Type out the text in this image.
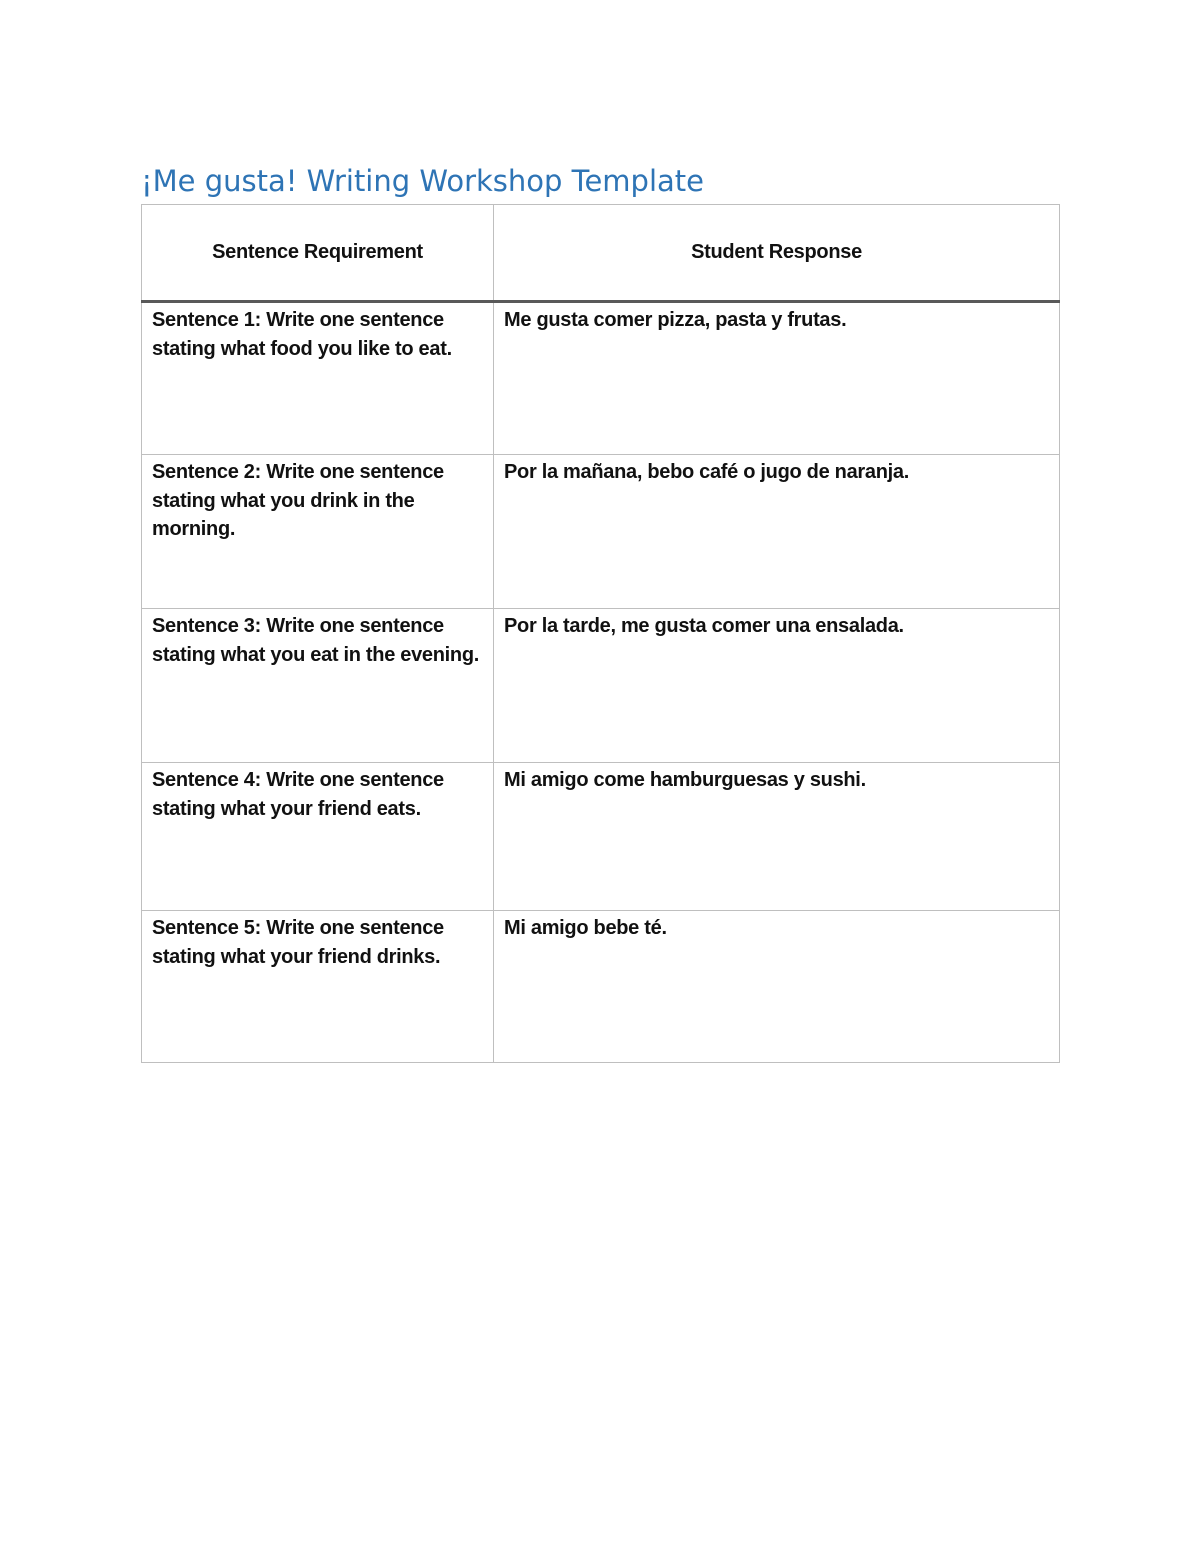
¡Me gusta! Writing Workshop Template
Sentence Requirement	Student Response

Sentence 1: Write one sentence stating what food you like to eat.	Me gusta comer pizza, pasta y frutas.

Sentence 2: Write one sentence stating what you drink in the morning.	Por la mañana, bebo café o jugo de naranja.

Sentence 3: Write one sentence stating what you eat in the evening.	Por la tarde, me gusta comer una ensalada.

Sentence 4: Write one sentence stating what your friend eats.	Mi amigo come hamburguesas y sushi.

Sentence 5: Write one sentence stating what your friend drinks.	Mi amigo bebe té.
